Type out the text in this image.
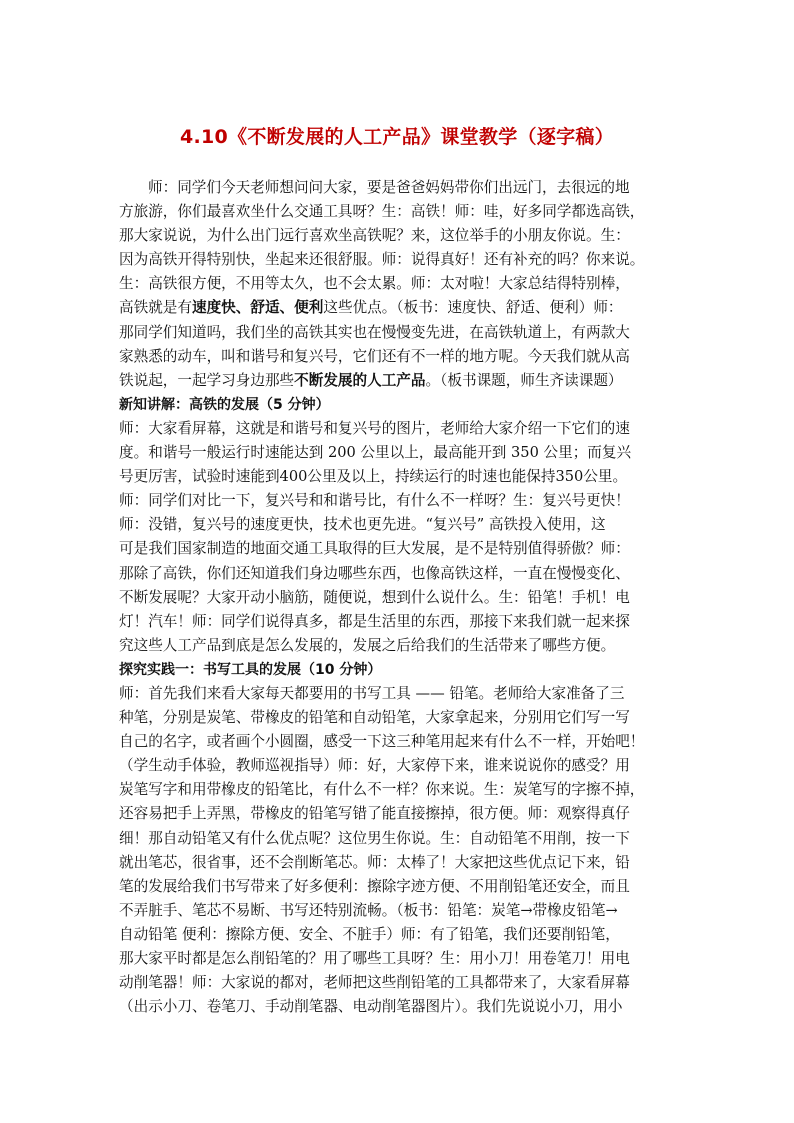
4.10《不断发展的人工产品》课堂教学（逐字稿）
师：同学们今天老师想问问大家，要是爸爸妈妈带你们出远门，去很远的地
方旅游，你们最喜欢坐什么交通工具呀？生：高铁！师：哇，好多同学都选高铁，
那大家说说，为什么出门远行喜欢坐高铁呢？来，这位举手的小朋友你说。生：
因为高铁开得特别快，坐起来还很舒服。师：说得真好！还有补充的吗？你来说。
生：高铁很方便，不用等太久，也不会太累。师：太对啦！大家总结得特别棒，
高铁就是有速度快、舒适、便利这些优点。（板书：速度快、舒适、便利）师：
那同学们知道吗，我们坐的高铁其实也在慢慢变先进，在高铁轨道上，有两款大
家熟悉的动车，叫和谐号和复兴号，它们还有不一样的地方呢。今天我们就从高
铁说起，一起学习身边那些不断发展的人工产品。（板书课题，师生齐读课题）
新知讲解：高铁的发展（5 分钟）
师：大家看屏幕，这就是和谐号和复兴号的图片，老师给大家介绍一下它们的速
度。和谐号一般运行时速能达到 200 公里以上，最高能开到 350 公里；而复兴
号更厉害，试验时速能到400公里及以上，持续运行的时速也能保持350公里。
师：同学们对比一下，复兴号和和谐号比，有什么不一样呀？生：复兴号更快！
师：没错，复兴号的速度更快，技术也更先进。“复兴号” 高铁投入使用，这
可是我们国家制造的地面交通工具取得的巨大发展，是不是特别值得骄傲？师：
那除了高铁，你们还知道我们身边哪些东西，也像高铁这样，一直在慢慢变化、
不断发展呢？大家开动小脑筋，随便说，想到什么说什么。生：铅笔！手机！电
灯！汽车！师：同学们说得真多，都是生活里的东西，那接下来我们就一起来探
究这些人工产品到底是怎么发展的，发展之后给我们的生活带来了哪些方便。
探究实践一：书写工具的发展（10 分钟）
师：首先我们来看大家每天都要用的书写工具 —— 铅笔。老师给大家准备了三
种笔，分别是炭笔、带橡皮的铅笔和自动铅笔，大家拿起来，分别用它们写一写
自己的名字，或者画个小圆圈，感受一下这三种笔用起来有什么不一样，开始吧！
（学生动手体验，教师巡视指导）师：好，大家停下来，谁来说说你的感受？用
炭笔写字和用带橡皮的铅笔比，有什么不一样？你来说。生：炭笔写的字擦不掉，
还容易把手上弄黑，带橡皮的铅笔写错了能直接擦掉，很方便。师：观察得真仔
细！那自动铅笔又有什么优点呢？这位男生你说。生：自动铅笔不用削，按一下
就出笔芯，很省事，还不会削断笔芯。师：太棒了！大家把这些优点记下来，铅
笔的发展给我们书写带来了好多便利：擦除字迹方便、不用削铅笔还安全，而且
不弄脏手、笔芯不易断、书写还特别流畅。（板书：铅笔：炭笔→带橡皮铅笔→
自动铅笔 便利：擦除方便、安全、不脏手）师：有了铅笔，我们还要削铅笔，
那大家平时都是怎么削铅笔的？用了哪些工具呀？生：用小刀！用卷笔刀！用电
动削笔器！师：大家说的都对，老师把这些削铅笔的工具都带来了，大家看屏幕
（出示小刀、卷笔刀、手动削笔器、电动削笔器图片）。我们先说说小刀，用小
